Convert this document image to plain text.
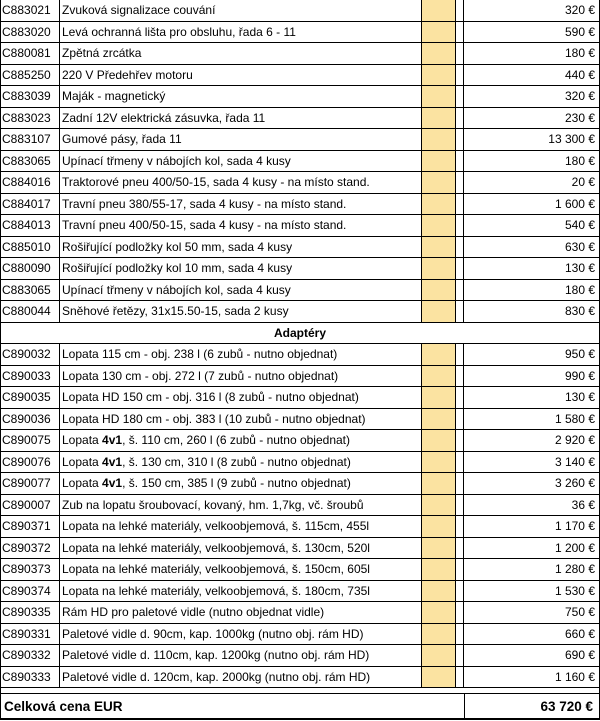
C883021 Zvuková signalizace couvání	320 €
C883020 Levá ochranná lišta pro obsluhu, řada 6 - 11	590 €
C880081 Zpětná zrcátka	180 €
C885250 220 V Předehřev motoru	440 €
C883039 Maják - magnetický	320 €
C883023 Zadní 12V elektrická zásuvka, řada 11	230 €
C883107 Gumové pásy, řada 11	13 300 €
C883065 Upínací třmeny v nábojích kol, sada 4 kusy	180 €
C884016 Traktorové pneu 400/50-15, sada 4 kusy - na místo stand.	20 €
C884017 Travní pneu 380/55-17, sada 4 kusy - na místo stand.	1 600 €
C884013 Travní pneu 400/50-15, sada 4 kusy - na místo stand.	540 €
C885010 Rošiřující podložky kol 50 mm, sada 4 kusy	630 €
C880090 Rošiřující podložky kol 10 mm, sada 4 kusy	130 €
C883065 Upínací třmeny v nábojích kol, sada 4 kusy	180 €
C880044 Sněhové řetězy, 31x15.50-15, sada 2 kusy	830 €
Adaptéry
C890032 Lopata 115 cm - obj. 238 l (6 zubů - nutno objednat)	950 €
C890033 Lopata 130 cm - obj. 272 l (7 zubů - nutno objednat)	990 €
C890035 Lopata HD 150 cm - obj. 316 l (8 zubů - nutno objednat)	130 €
C890036 Lopata HD 180 cm - obj. 383 l (10 zubů - nutno objednat)	1 580 €
C890075 Lopata 4v1, š. 110 cm, 260 l (6 zubů - nutno objednat)	2 920 €
C890076 Lopata 4v1, š. 130 cm, 310 l (8 zubů - nutno objednat)	3 140 €
C890077 Lopata 4v1, š. 150 cm, 385 l (9 zubů - nutno objednat)	3 260 €
C890007 Zub na lopatu šroubovací, kovaný, hm. 1,7kg, vč. šroubů	36 €
C890371 Lopata na lehké materiály, velkoobjemová, š. 115cm, 455l	1 170 €
C890372 Lopata na lehké materiály, velkoobjemová, š. 130cm, 520l	1 200 €
C890373 Lopata na lehké materiály, velkoobjemová, š. 150cm, 605l	1 280 €
C890374 Lopata na lehké materiály, velkoobjemová, š. 180cm, 735l	1 530 €
C890335 Rám HD pro paletové vidle (nutno objednat vidle)	750 €
C890331 Paletové vidle d. 90cm, kap. 1000kg (nutno obj. rám HD)	660 €
C890332 Paletové vidle d. 110cm, kap. 1200kg (nutno obj. rám HD)	690 €
C890333 Paletové vidle d. 120cm, kap. 2000kg (nutno obj. rám HD)	1 160 €
Celková cena EUR	63 720 €
